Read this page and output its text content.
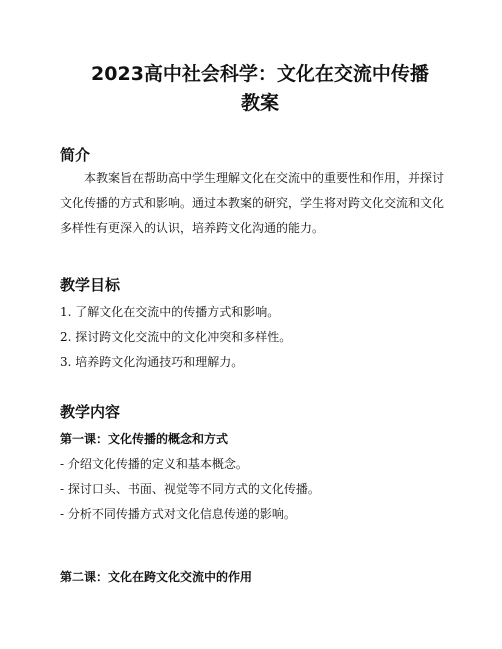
2023高中社会科学：文化在交流中传播
教案
简介

本教案旨在帮助高中学生理解文化在交流中的重要性和作用，并探讨文化传播的方式和影响。通过本教案的研究，学生将对跨文化交流和文化多样性有更深入的认识，培养跨文化沟通的能力。

教学目标

1. 了解文化在交流中的传播方式和影响。

2. 探讨跨文化交流中的文化冲突和多样性。

3. 培养跨文化沟通技巧和理解力。

教学内容
第一课：文化传播的概念和方式

- 介绍文化传播的定义和基本概念。

- 探讨口头、书面、视觉等不同方式的文化传播。

- 分析不同传播方式对文化信息传递的影响。

第二课：文化在跨文化交流中的作用
